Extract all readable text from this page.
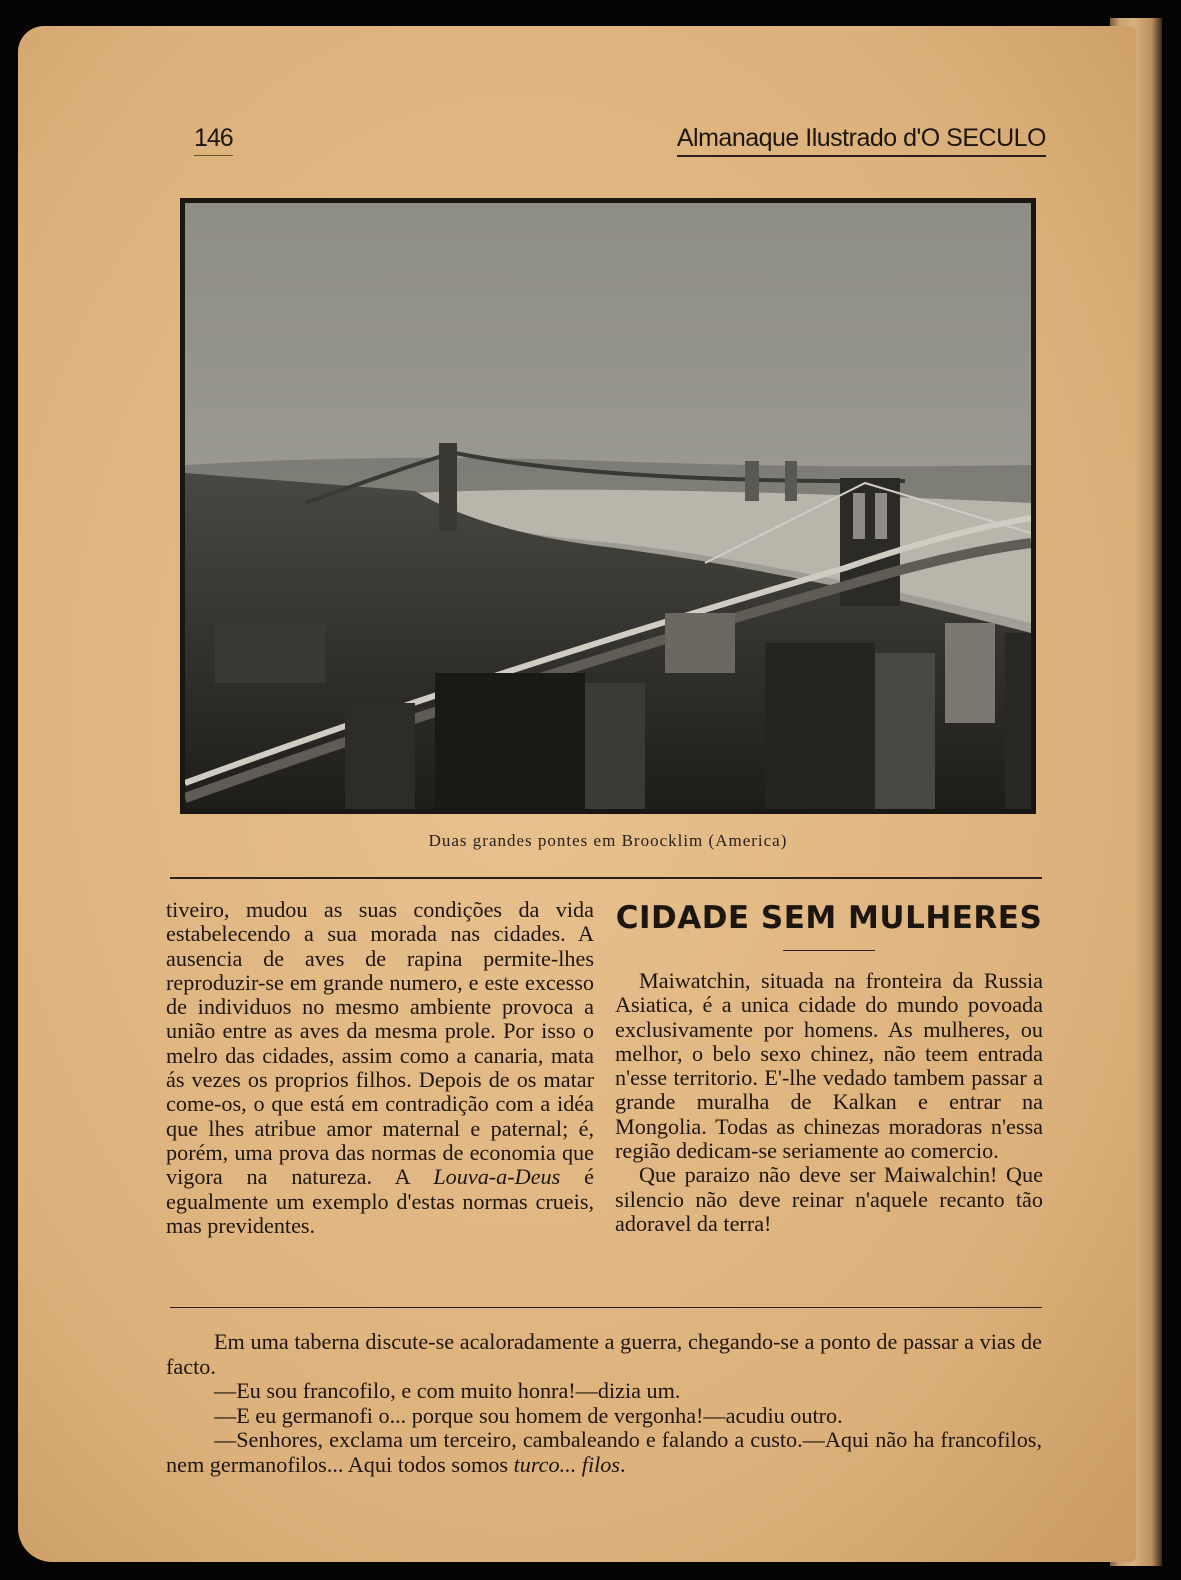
146	Almanaque Ilustrado d'O SECULO
Duas grandes pontes em Broocklim (America)

tiveiro, mudou as suas condições da vida estabelecendo a sua morada nas cidades. A ausencia de aves de rapina permite-lhes reproduzir-se em grande numero, e este excesso de individuos no mesmo ambiente provoca a união entre as aves da mesma prole. Por isso o melro das cidades, assim como a canaria, mata ás vezes os proprios filhos. Depois de os matar come-os, o que está em contradição com a idéa que lhes atribue amor maternal e paternal; é, porém, uma prova das normas de economia que vigora na natureza. A Louva-a-Deus é egualmente um exemplo d'estas normas crueis, mas previdentes.

CIDADE SEM MULHERES

Maiwatchin, situada na fronteira da Russia Asiatica, é a unica cidade do mundo povoada exclusivamente por homens. As mulheres, ou melhor, o belo sexo chinez, não teem entrada n'esse territorio. E'-lhe vedado tambem passar a grande muralha de Kalkan e entrar na Mongolia. Todas as chinezas moradoras n'essa região dedicam-se seriamente ao comercio.

Que paraizo não deve ser Maiwalchin! Que silencio não deve reinar n'aquele recanto tão adoravel da terra!

Em uma taberna discute-se acaloradamente a guerra, chegando-se a ponto de passar a vias de facto.

—Eu sou francofilo, e com muito honra!—dizia um.

—E eu germanofi o... porque sou homem de vergonha!—acudiu outro.

—Senhores, exclama um terceiro, cambaleando e falando a custo.—Aqui não ha francofilos, nem germanofilos... Aqui todos somos turco... filos.
